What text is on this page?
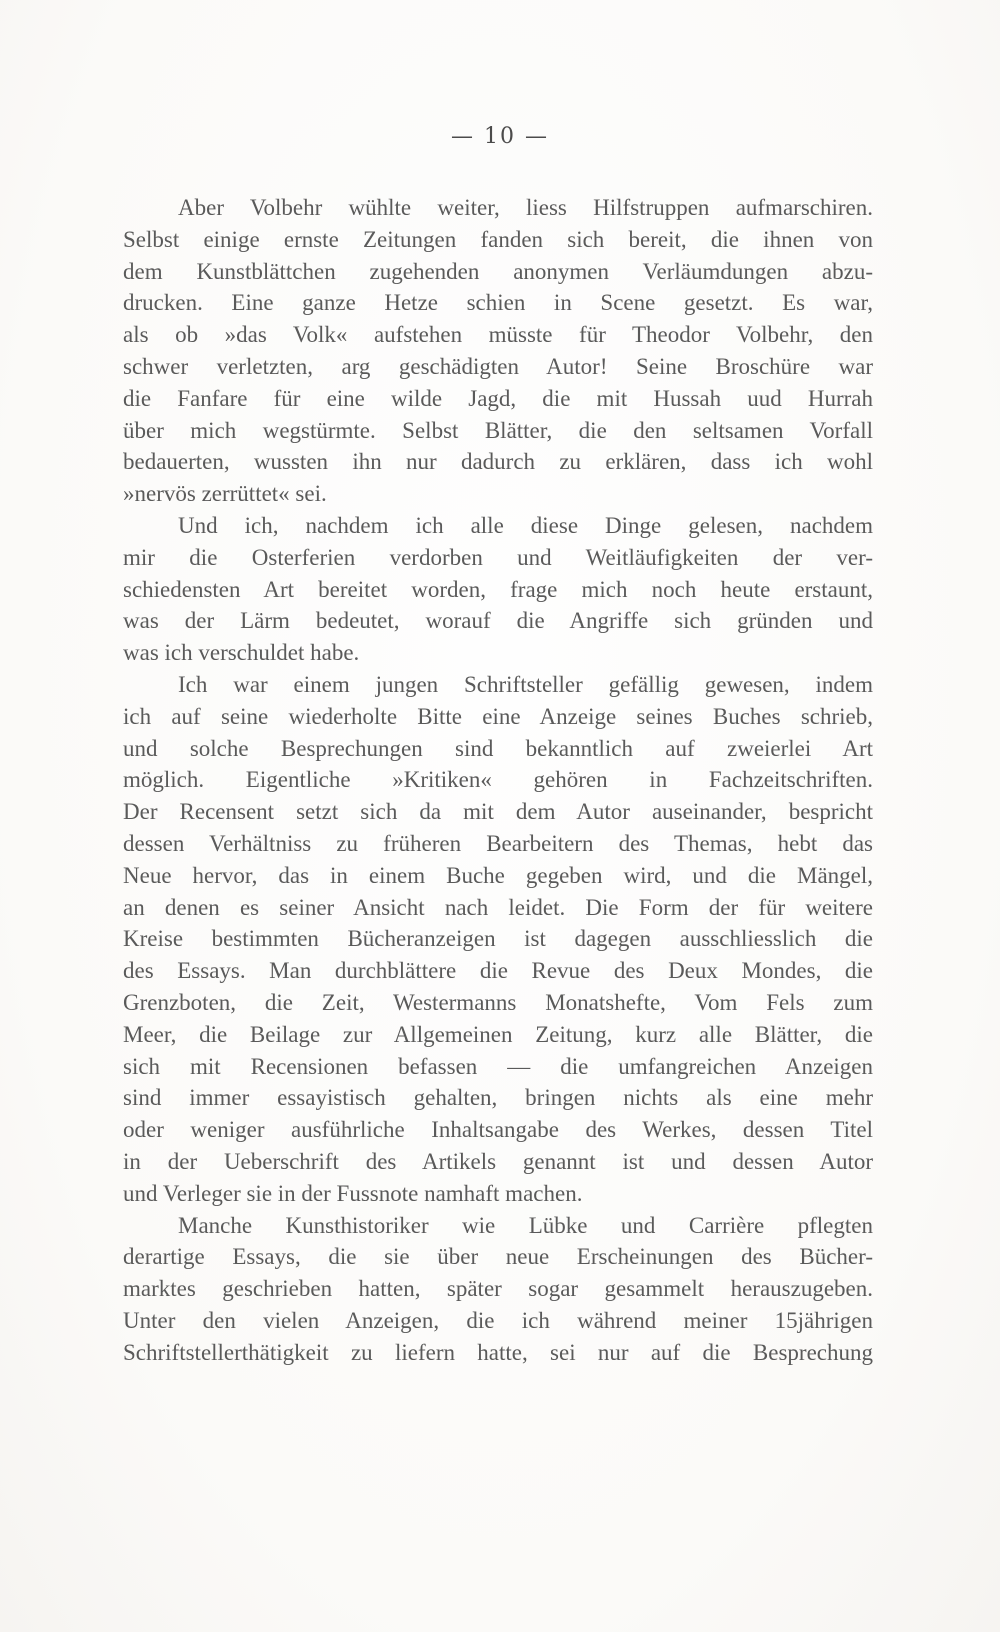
— 10 —
Aber Volbehr wühlte weiter, liess Hilfstruppen aufmarschiren.
Selbst einige ernste Zeitungen fanden sich bereit, die ihnen von
dem Kunstblättchen zugehenden anonymen Verläumdungen abzu-
drucken. Eine ganze Hetze schien in Scene gesetzt. Es war,
als ob »das Volk« aufstehen müsste für Theodor Volbehr, den
schwer verletzten, arg geschädigten Autor! Seine Broschüre war
die Fanfare für eine wilde Jagd, die mit Hussah uud Hurrah
über mich wegstürmte. Selbst Blätter, die den seltsamen Vorfall
bedauerten, wussten ihn nur dadurch zu erklären, dass ich wohl
»nervös zerrüttet« sei.
Und ich, nachdem ich alle diese Dinge gelesen, nachdem
mir die Osterferien verdorben und Weitläufigkeiten der ver-
schiedensten Art bereitet worden, frage mich noch heute erstaunt,
was der Lärm bedeutet, worauf die Angriffe sich gründen und
was ich verschuldet habe.
Ich war einem jungen Schriftsteller gefällig gewesen, indem
ich auf seine wiederholte Bitte eine Anzeige seines Buches schrieb,
und solche Besprechungen sind bekanntlich auf zweierlei Art
möglich. Eigentliche »Kritiken« gehören in Fachzeitschriften.
Der Recensent setzt sich da mit dem Autor auseinander, bespricht
dessen Verhältniss zu früheren Bearbeitern des Themas, hebt das
Neue hervor, das in einem Buche gegeben wird, und die Mängel,
an denen es seiner Ansicht nach leidet. Die Form der für weitere
Kreise bestimmten Bücheranzeigen ist dagegen ausschliesslich die
des Essays. Man durchblättere die Revue des Deux Mondes, die
Grenzboten, die Zeit, Westermanns Monatshefte, Vom Fels zum
Meer, die Beilage zur Allgemeinen Zeitung, kurz alle Blätter, die
sich mit Recensionen befassen — die umfangreichen Anzeigen
sind immer essayistisch gehalten, bringen nichts als eine mehr
oder weniger ausführliche Inhaltsangabe des Werkes, dessen Titel
in der Ueberschrift des Artikels genannt ist und dessen Autor
und Verleger sie in der Fussnote namhaft machen.
Manche Kunsthistoriker wie Lübke und Carrière pflegten
derartige Essays, die sie über neue Erscheinungen des Bücher-
marktes geschrieben hatten, später sogar gesammelt herauszugeben.
Unter den vielen Anzeigen, die ich während meiner 15jährigen
Schriftstellerthätigkeit zu liefern hatte, sei nur auf die Besprechung
